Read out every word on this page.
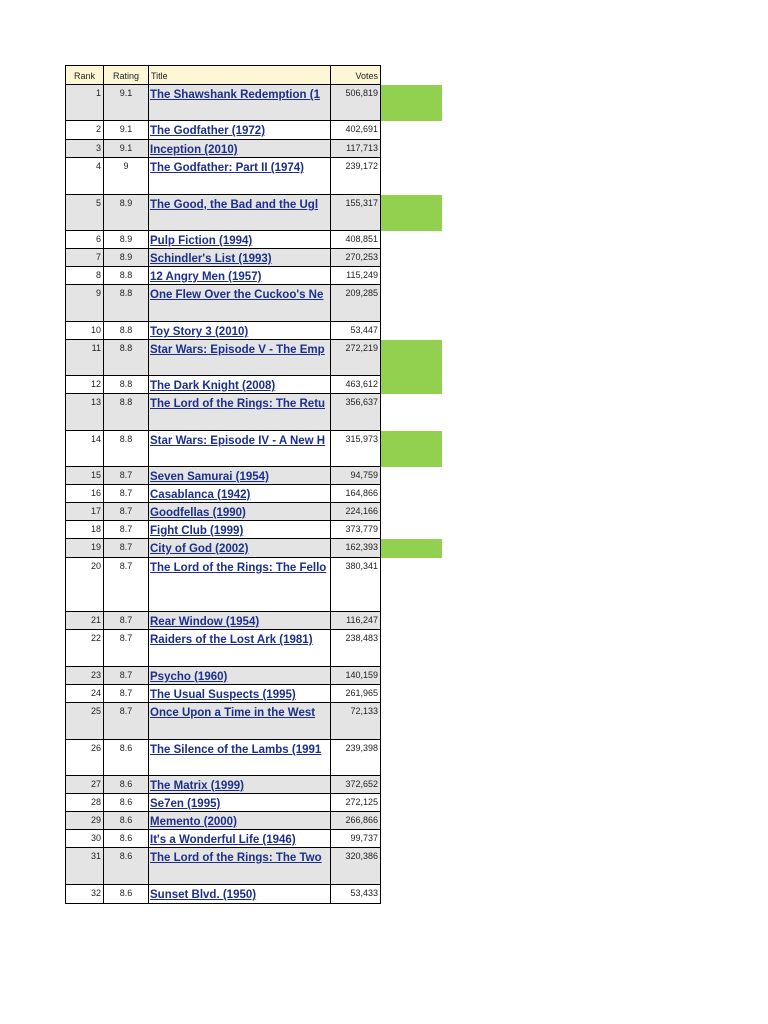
Rank	Rating	Title	Votes
1	9.1	The Shawshank Redemption (1	506,819
2	9.1	The Godfather (1972)	402,691
3	9.1	Inception (2010)	117,713
4	9	The Godfather: Part II (1974)	239,172
5	8.9	The Good, the Bad and the Ugl	155,317
6	8.9	Pulp Fiction (1994)	408,851
7	8.9	Schindler's List (1993)	270,253
8	8.8	12 Angry Men (1957)	115,249
9	8.8	One Flew Over the Cuckoo's Ne	209,285
10	8.8	Toy Story 3 (2010)	53,447
11	8.8	Star Wars: Episode V - The Emp	272,219
12	8.8	The Dark Knight (2008)	463,612
13	8.8	The Lord of the Rings: The Retu	356,637
14	8.8	Star Wars: Episode IV - A New H	315,973
15	8.7	Seven Samurai (1954)	94,759
16	8.7	Casablanca (1942)	164,866
17	8.7	Goodfellas (1990)	224,166
18	8.7	Fight Club (1999)	373,779
19	8.7	City of God (2002)	162,393
20	8.7	The Lord of the Rings: The Fello	380,341
21	8.7	Rear Window (1954)	116,247
22	8.7	Raiders of the Lost Ark (1981)	238,483
23	8.7	Psycho (1960)	140,159
24	8.7	The Usual Suspects (1995)	261,965
25	8.7	Once Upon a Time in the West	72,133
26	8.6	The Silence of the Lambs (1991	239,398
27	8.6	The Matrix (1999)	372,652
28	8.6	Se7en (1995)	272,125
29	8.6	Memento (2000)	266,866
30	8.6	It's a Wonderful Life (1946)	99,737
31	8.6	The Lord of the Rings: The Two	320,386
32	8.6	Sunset Blvd. (1950)	53,433
